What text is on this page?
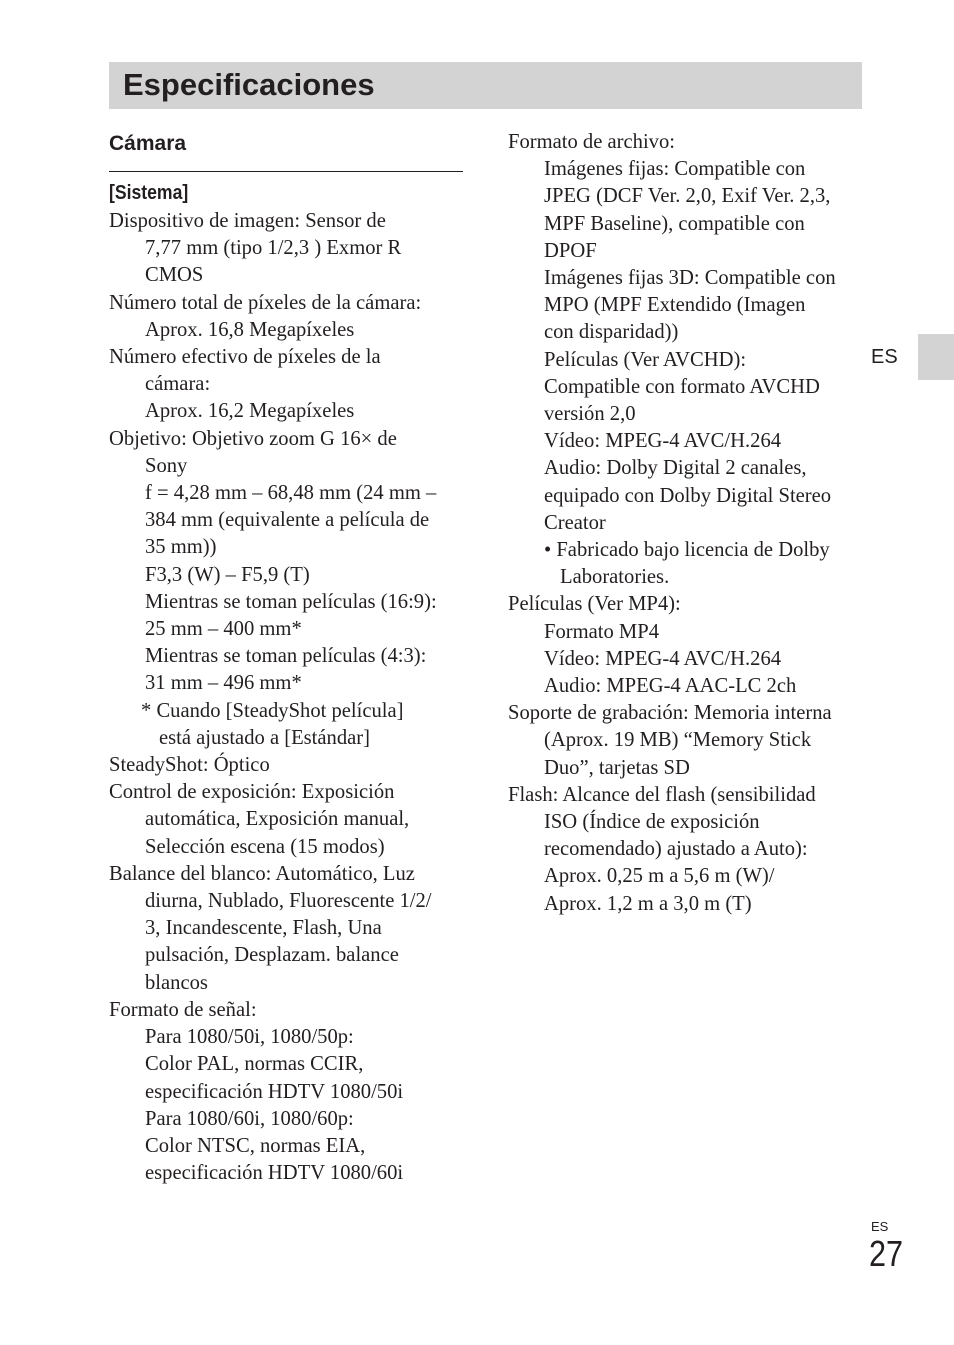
Especificaciones
Cámara
[Sistema]
Dispositivo de imagen: Sensor de
7,77 mm (tipo 1/2,3 ) Exmor R
CMOS
Número total de píxeles de la cámara:
Aprox. 16,8 Megapíxeles
Número efectivo de píxeles de la
cámara:
Aprox. 16,2 Megapíxeles
Objetivo: Objetivo zoom G 16× de
Sony
f = 4,28 mm – 68,48 mm (24 mm –
384 mm (equivalente a película de
35 mm))
F3,3 (W) – F5,9 (T)
Mientras se toman películas (16:9):
25 mm – 400 mm*
Mientras se toman películas (4:3):
31 mm – 496 mm*
* Cuando [SteadyShot película]
está ajustado a [Estándar]
SteadyShot: Óptico
Control de exposición: Exposición
automática, Exposición manual,
Selección escena (15 modos)
Balance del blanco: Automático, Luz
diurna, Nublado, Fluorescente 1/2/
3, Incandescente, Flash, Una
pulsación, Desplazam. balance
blancos
Formato de señal:
Para 1080/50i, 1080/50p:
Color PAL, normas CCIR,
especificación HDTV 1080/50i
Para 1080/60i, 1080/60p:
Color NTSC, normas EIA,
especificación HDTV 1080/60i
Formato de archivo:
Imágenes fijas: Compatible con
JPEG (DCF Ver. 2,0, Exif Ver. 2,3,
MPF Baseline), compatible con
DPOF
Imágenes fijas 3D: Compatible con
MPO (MPF Extendido (Imagen
con disparidad))
Películas (Ver AVCHD):
Compatible con formato AVCHD
versión 2,0
Vídeo: MPEG-4 AVC/H.264
Audio: Dolby Digital 2 canales,
equipado con Dolby Digital Stereo
Creator
• Fabricado bajo licencia de Dolby
Laboratories.
Películas (Ver MP4):
Formato MP4
Vídeo: MPEG-4 AVC/H.264
Audio: MPEG-4 AAC-LC 2ch
Soporte de grabación: Memoria interna
(Aprox. 19 MB) “Memory Stick
Duo”, tarjetas SD
Flash: Alcance del flash (sensibilidad
ISO (Índice de exposición
recomendado) ajustado a Auto):
Aprox. 0,25 m a 5,6 m (W)/
Aprox. 1,2 m a 3,0 m (T)
ES
ES
27
